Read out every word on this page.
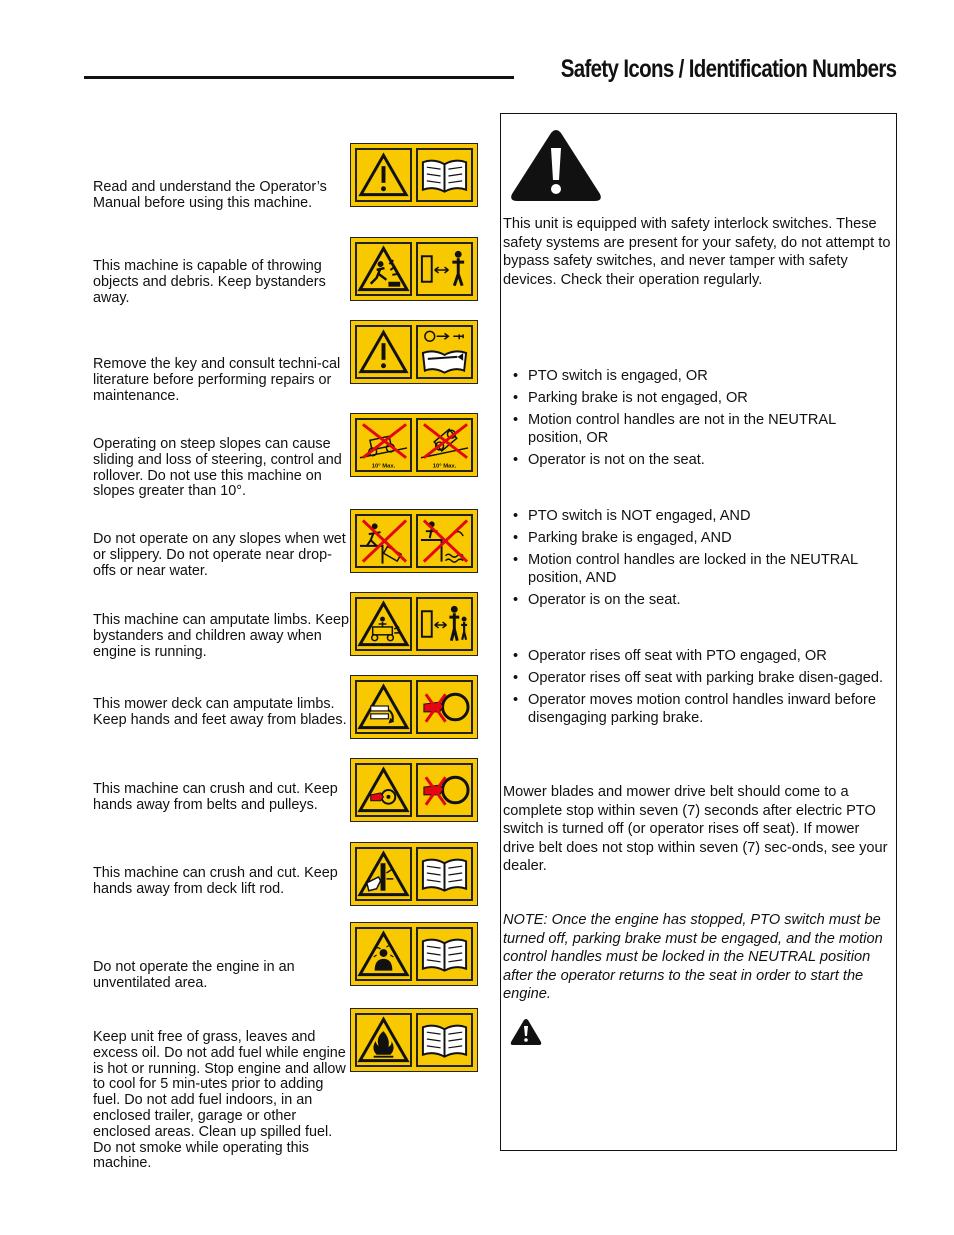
Safety Icons / Identification Numbers
Read and understand the Operator’s Manual before using this machine.
This machine is capable of throwing objects and debris. Keep bystanders away.
Remove the key and consult techni-cal literature before performing repairs or maintenance.
Operating on steep slopes can cause sliding and loss of steering, control and rollover. Do not use this machine on slopes greater than 10°.
Do not operate on any slopes when wet or slippery. Do not operate near drop-offs or near water.
This machine can amputate limbs. Keep bystanders and children away when engine is running.
This mower deck can amputate limbs. Keep hands and feet away from blades.
This machine can crush and cut. Keep hands away from belts and pulleys.
This machine can crush and cut. Keep hands away from deck lift rod.
Do not operate the engine in an unventilated area.
Keep unit free of grass, leaves and excess oil. Do not add fuel while engine is hot or running. Stop engine and allow to cool for 5 min-utes prior to adding fuel. Do not add fuel indoors, in an enclosed trailer, garage or other enclosed areas. Clean up spilled fuel. Do not smoke while operating this machine.
10° Max.	10° Max.
This unit is equipped with safety interlock switches. These safety systems are present for your safety, do not attempt to bypass safety switches, and never tamper with safety devices. Check their operation regularly.
• PTO switch is engaged, OR
• Parking brake is not engaged, OR
• Motion control handles are not in the NEUTRAL position, OR
• Operator is not on the seat.
• PTO switch is NOT engaged, AND
• Parking brake is engaged, AND
• Motion control handles are locked in the NEUTRAL position, AND
• Operator is on the seat.
• Operator rises off seat with PTO engaged, OR
• Operator rises off seat with parking brake disen-gaged.
• Operator moves motion control handles inward before disengaging parking brake.
Mower blades and mower drive belt should come to a complete stop within seven (7) seconds after electric PTO switch is turned off (or operator rises off seat). If mower drive belt does not stop within seven (7) sec-onds, see your dealer.
NOTE: Once the engine has stopped, PTO switch must be turned off, parking brake must be engaged, and the motion control handles must be locked in the NEUTRAL position after the operator returns to the seat in order to start the engine.
